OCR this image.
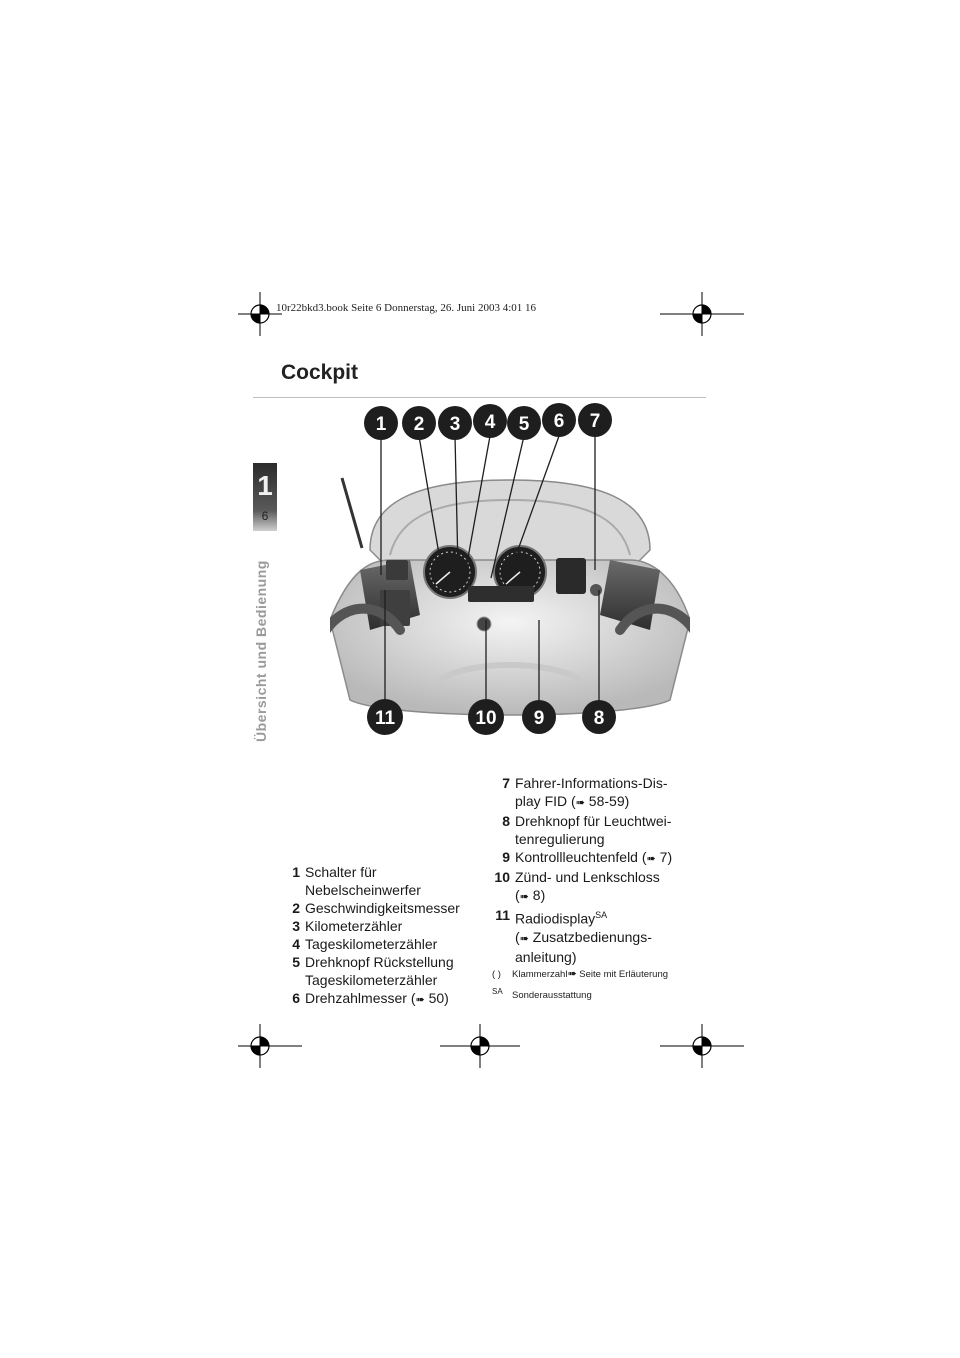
10r22bkd3.book Seite 6 Donnerstag, 26. Juni 2003 4:01 16
Cockpit
1
6
Übersicht und Bedienung
1 2 3 4 5 6 7
11	10 9	8
1 Schalter für
Nebelscheinwerfer
2 Geschwindigkeitsmesser
3 Kilometerzähler
4 Tageskilometerzähler
5 Drehknopf Rückstellung
Tageskilometerzähler
6 Drehzahlmesser (➠ 50)
7 Fahrer-Informations-Dis-
play FID (➠ 58-59)
8 Drehknopf für Leuchtwei-
tenregulierung
9 Kontrollleuchtenfeld (➠ 7)
10 Zünd- und Lenkschloss
(➠ 8)
11 Radiodisplay$^{SA}$
(➠ Zusatzbedienungs-
anleitung)
( ) Klammerzahl➠ Seite mit Erläuterung
SA Sonderausstattung
